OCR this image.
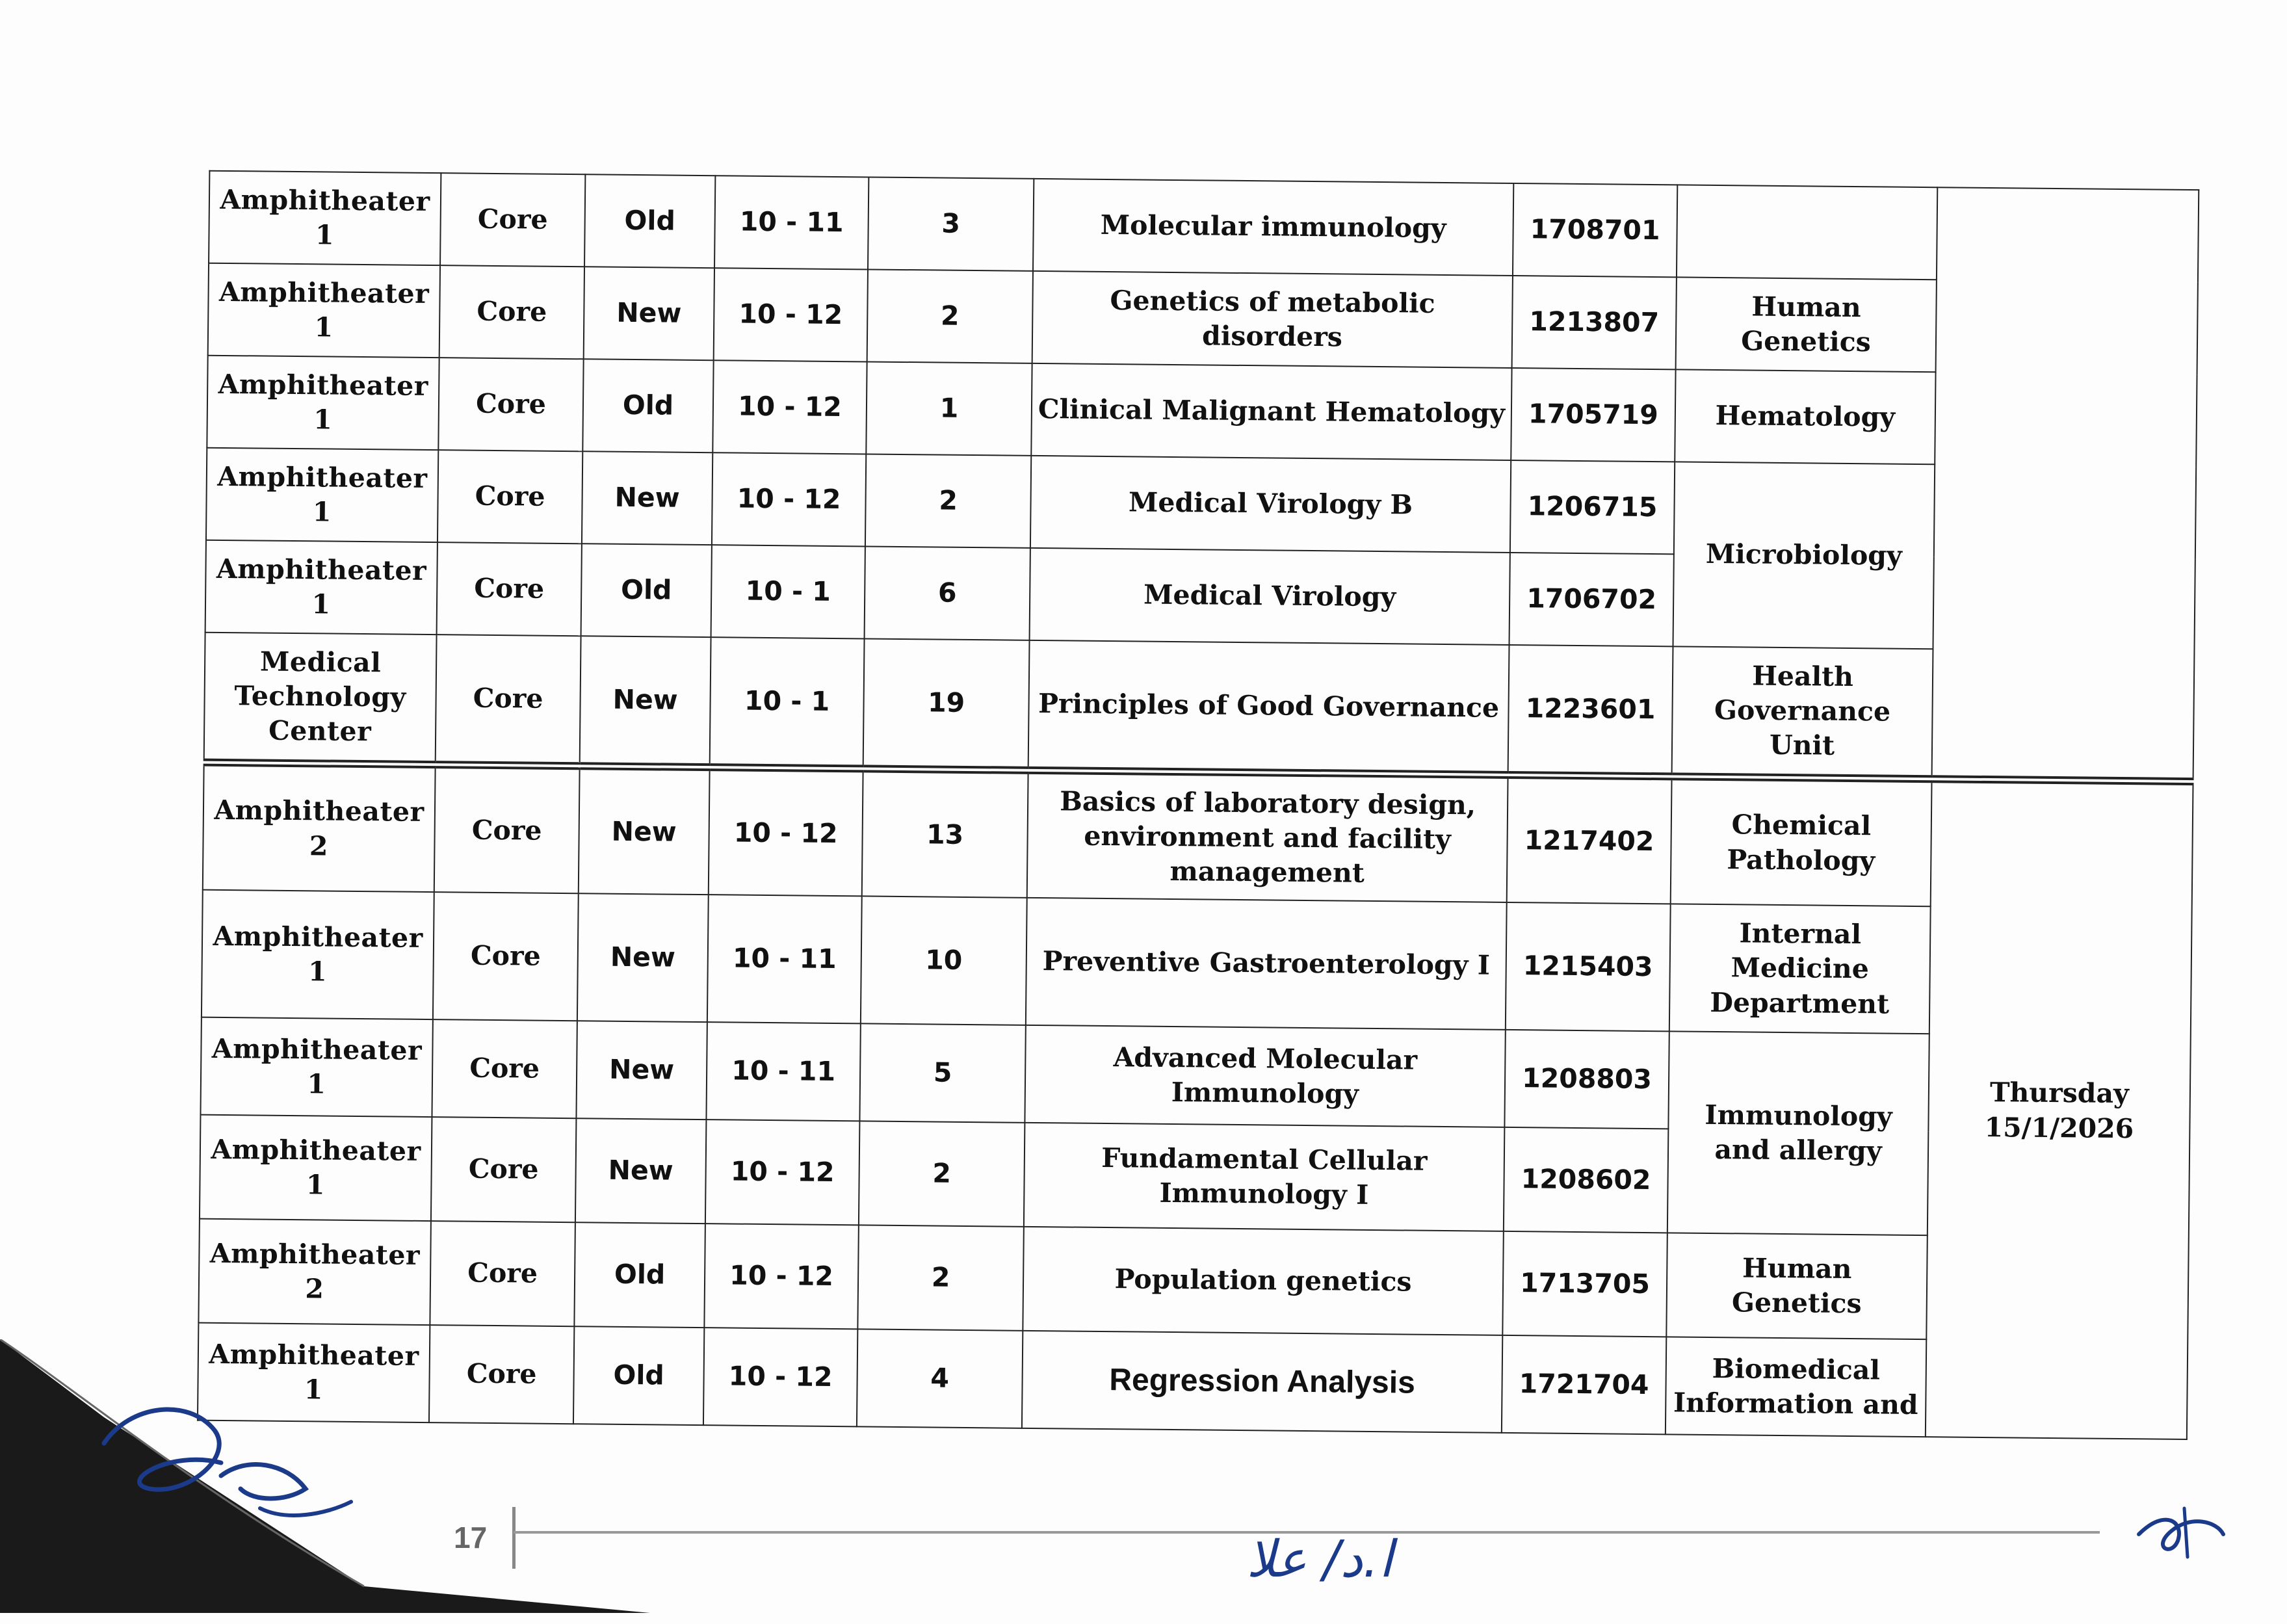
Amphitheater 1	Core	Old	10 - 11	3	Molecular immunology	1708701		
Amphitheater 1	Core	New	10 - 12	2	Genetics of metabolic disorders	1213807	Human Genetics	
Amphitheater 1	Core	Old	10 - 12	1	Clinical Malignant Hematology	1705719	Hematology	
Amphitheater 1	Core	New	10 - 12	2	Medical Virology B	1206715	Microbiology	
Amphitheater 1	Core	Old	10 - 1	6	Medical Virology	1706702		
Medical Technology Center	Core	New	10 - 1	19	Principles of Good Governance	1223601	Health Governance Unit	
Amphitheater 2	Core	New	10 - 12	13	Basics of laboratory design, environment and facility management	1217402	Chemical Pathology	Thursday
15/1/2026

Amphitheater 1	Core	New	10 - 11	10	Preventive Gastroenterology I	1215403	Internal Medicine Department	
Amphitheater 1	Core	New	10 - 11	5	Advanced Molecular Immunology	1208803	Immunology and allergy	
Amphitheater 1	Core	New	10 - 12	2	Fundamental Cellular Immunology I	1208602		
Amphitheater 2	Core	Old	10 - 12	2	Population genetics	1713705	Human Genetics	
Amphitheater 1	Core	Old	10 - 12	4	Regression Analysis	1721704	Biomedical Information and	
17	ا.د/ علا
